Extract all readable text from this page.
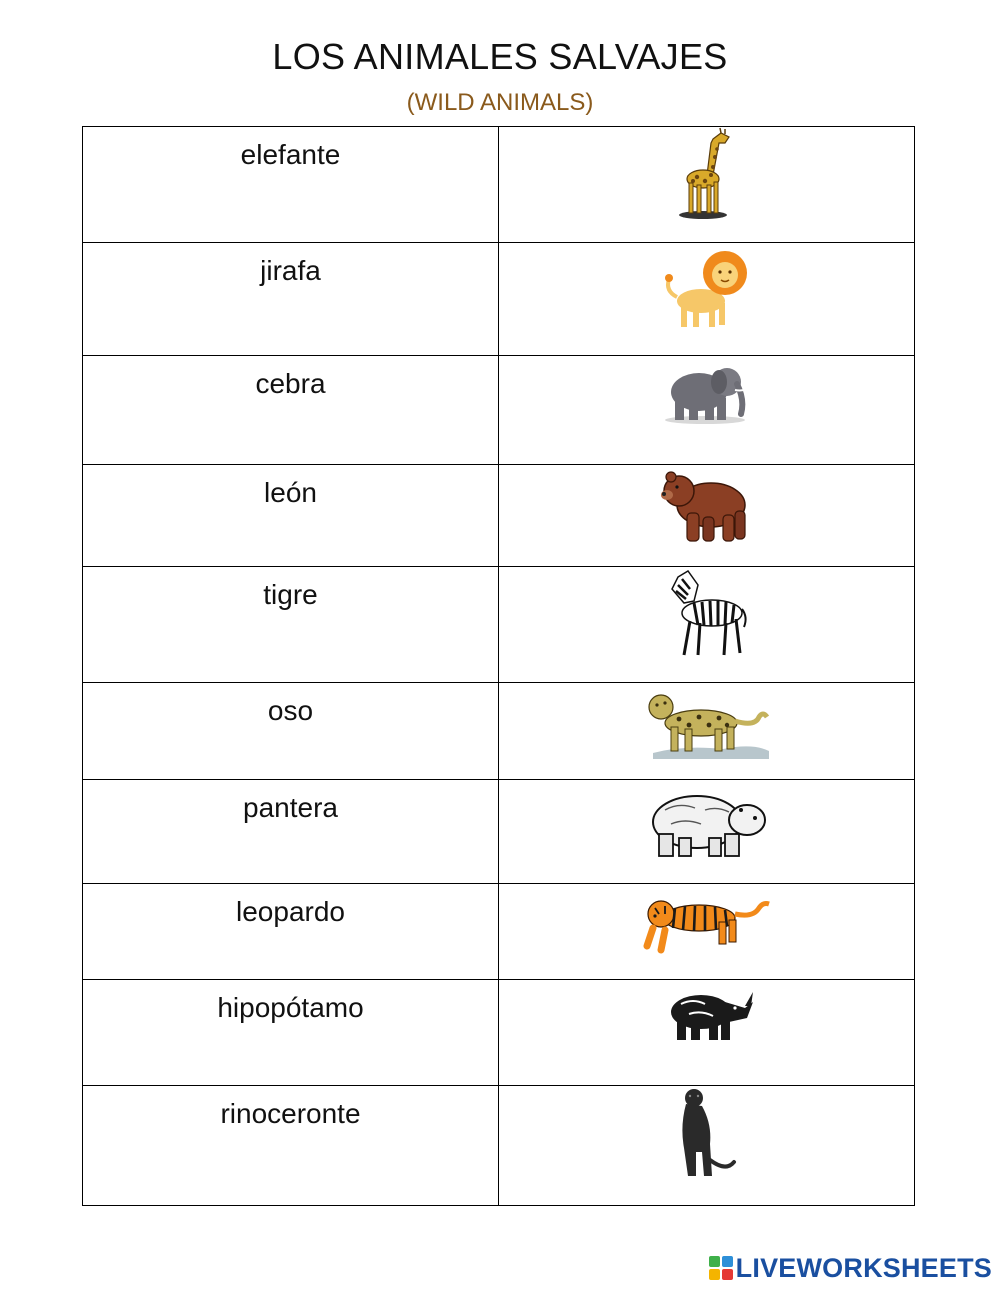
LOS ANIMALES SALVAJES
(WILD ANIMALS)
elefante

jirafa

cebra

león

tigre

oso

pantera

leopardo

hipopótamo

rinoceronte

LIVEWORKSHEETS
